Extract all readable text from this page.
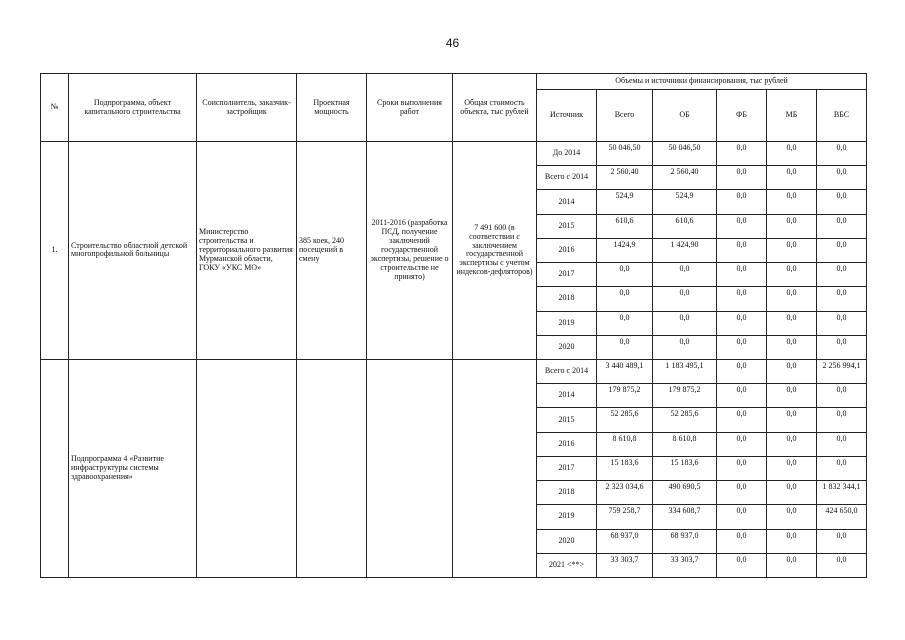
46
№	Подпрограмма, объект капитального строительства	Соисполнитель, заказчик-застройщик	Проектная мощность	Сроки выполнения работ	Общая стоимость объекта, тыс рублей	Объемы и источники финансирования, тыс рублей					
						Источник	Всего	ОБ	ФБ	МБ	ВБС
1.	Строительство областной детской многопрофильной больницы	Министерство строительства и территориального развития Мурманской области, ГОКУ «УКС МО»	385 коек, 240 посещений в смену	2011-2016 (разработка ПСД, получение заключений государственной экспертизы, решение о строительстве не принято)	7 491 600 (в соответствии с заключением государственной экспертизы с учетом индексов-дефляторов)	До 2014	50 046,50	50 046,50	0,0	0,0	0,0
						Всего с 2014	2 560,40	2 560,40	0,0	0,0	0,0
						2014	524,9	524,9	0,0	0,0	0,0
						2015	610,6	610,6	0,0	0,0	0,0
						2016	1424,9	1 424,90	0,0	0,0	0,0
						2017	0,0	0,0	0,0	0,0	0,0
						2018	0,0	0,0	0,0	0,0	0,0
						2019	0,0	0,0	0,0	0,0	0,0
						2020	0,0	0,0	0,0	0,0	0,0
	Подпрограмма 4 «Развитие инфраструктуры системы здравоохранения»					Всего с 2014	3 440 489,1	1 183 495,1	0,0	0,0	2 256 994,1
						2014	179 875,2	179 875,2	0,0	0,0	0,0
						2015	52 285,6	52 285,6	0,0	0,0	0,0
						2016	8 610,8	8 610,8	0,0	0,0	0,0
						2017	15 183,6	15 183,6	0,0	0,0	0,0
						2018	2 323 034,6	490 690,5	0,0	0,0	1 832 344,1
						2019	759 258,7	334 608,7	0,0	0,0	424 650,0
						2020	68 937,0	68 937,0	0,0	0,0	0,0
						2021 <**>	33 303,7	33 303,7	0,0	0,0	0,0
